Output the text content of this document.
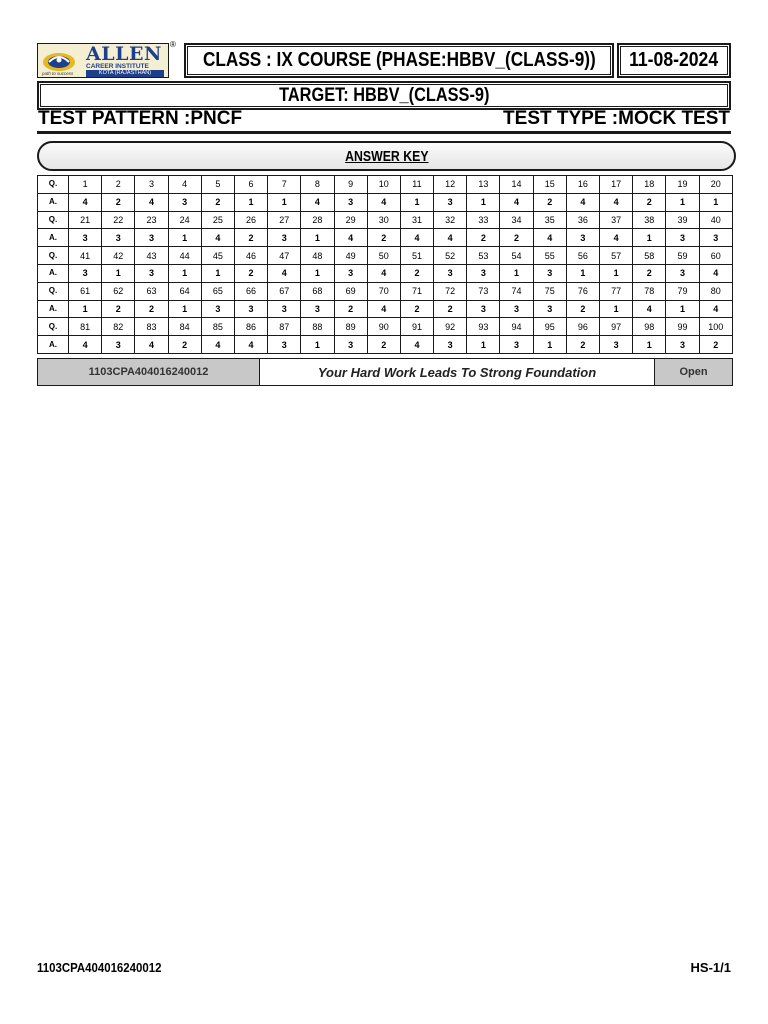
ALLEN
CAREER INSTITUTE
KOTA (RAJASTHAN)
path to success
®
CLASS : IX COURSE (PHASE:HBBV_(CLASS-9)) 11-08-2024
TARGET: HBBV_(CLASS-9)
TEST PATTERN :PNCF	TEST TYPE :MOCK TEST
ANSWER KEY
Q.	1	2	3	4	5	6	7	8	9	10	11	12	13	14	15	16	17	18	19	20
A.	4	2	4	3	2	1	1	4	3	4	1	3	1	4	2	4	4	2	1	1
Q.	21	22	23	24	25	26	27	28	29	30	31	32	33	34	35	36	37	38	39	40
A.	3	3	3	1	4	2	3	1	4	2	4	4	2	2	4	3	4	1	3	3
Q.	41	42	43	44	45	46	47	48	49	50	51	52	53	54	55	56	57	58	59	60
A.	3	1	3	1	1	2	4	1	3	4	2	3	3	1	3	1	1	2	3	4
Q.	61	62	63	64	65	66	67	68	69	70	71	72	73	74	75	76	77	78	79	80
A.	1	2	2	1	3	3	3	3	2	4	2	2	3	3	3	2	1	4	1	4
Q.	81	82	83	84	85	86	87	88	89	90	91	92	93	94	95	96	97	98	99	100
A.	4	3	4	2	4	4	3	1	3	2	4	3	1	3	1	2	3	1	3	2
1103CPA404016240012	Your Hard Work Leads To Strong Foundation	Open
1103CPA404016240012	HS-1/1
